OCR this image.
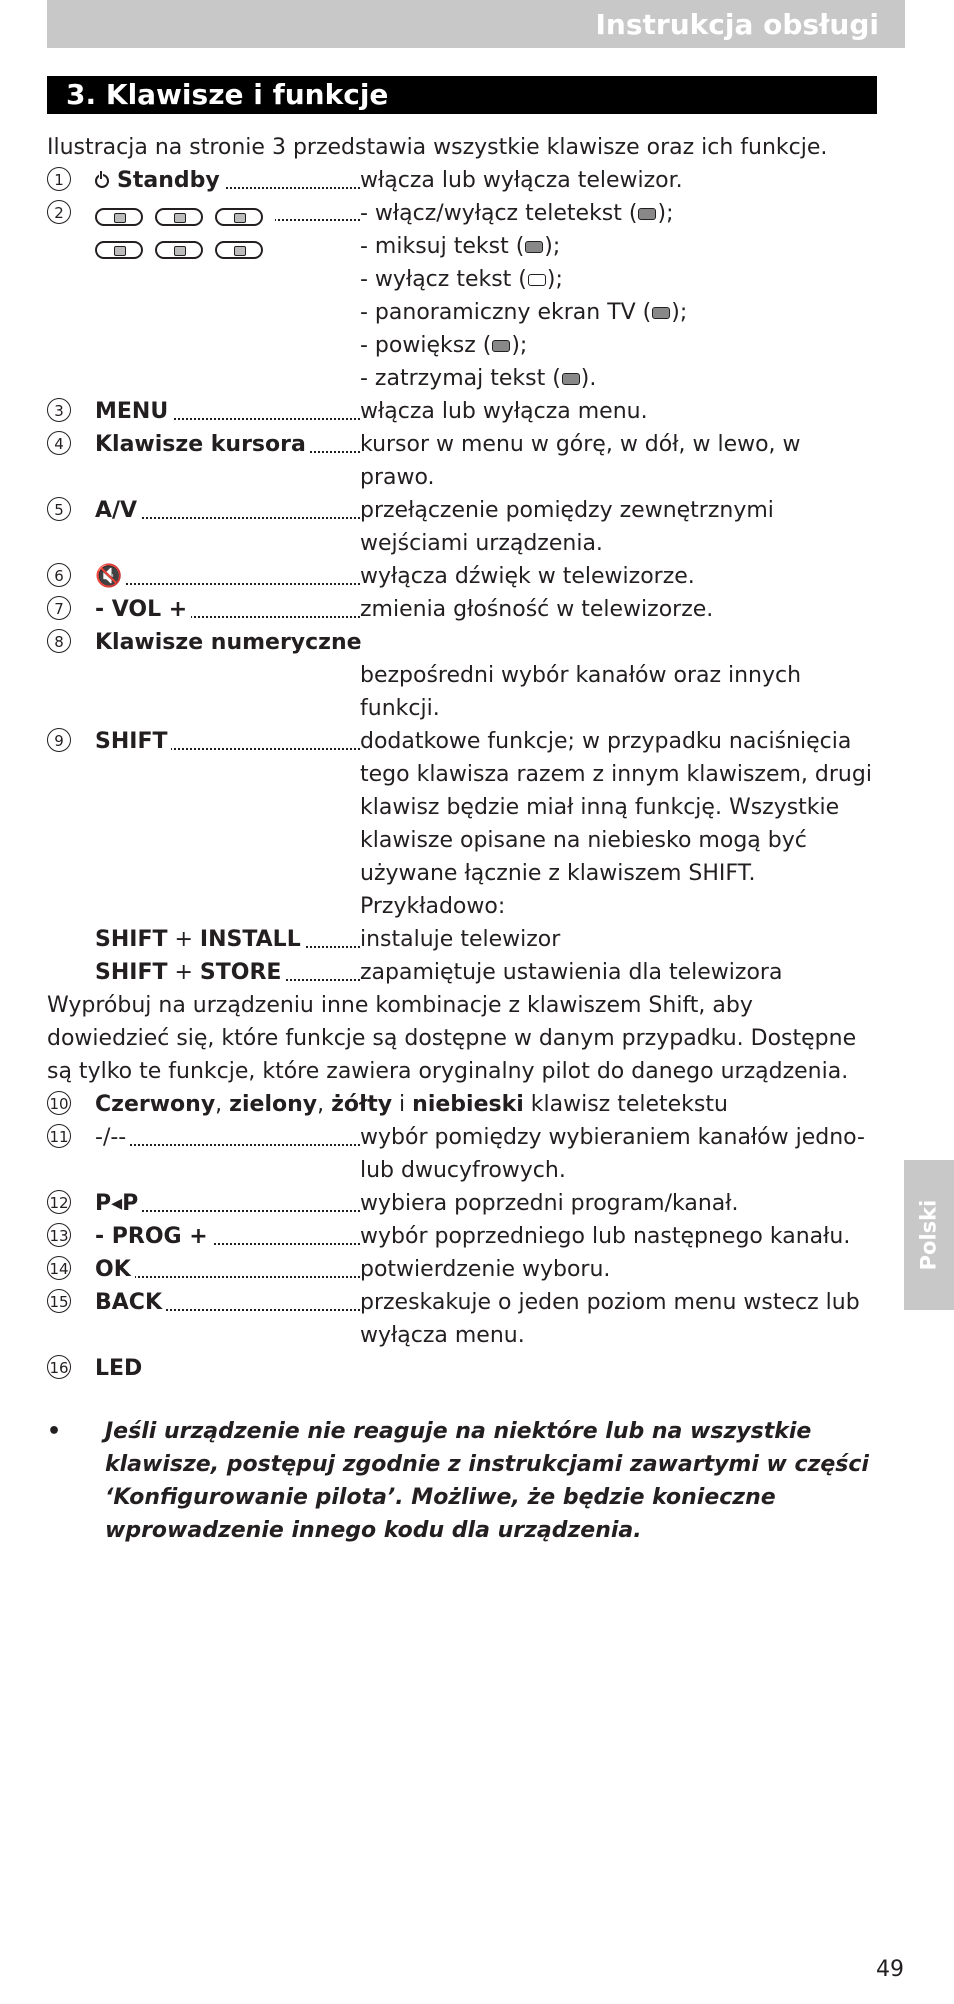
Instrukcja obsługi
3. Klawisze i funkcje
Polski

Ilustracja na stronie 3 przedstawia wszystkie klawisze oraz ich funkcje.

1	Standby	włącza lub wyłącza telewizor.
2	- włącz/wyłącz teletekst ( );
- miksuj tekst ( );
- wyłącz tekst ( );
- panoramiczny ekran TV ( );
- powiększ ( );
- zatrzymaj tekst ( ).
3	MENU	włącza lub wyłącza menu.
4	Klawisze kursora	kursor w menu w górę, w dół, w lewo, w prawo.
5	A/V	przełączenie pomiędzy zewnętrznymi wejściami urządzenia.
6	🔇	wyłącza dźwięk w telewizorze.
7	- VOL +	zmienia głośność w telewizorze.
8	Klawisze numeryczne
bezpośredni wybór kanałów oraz innych funkcji.
9	SHIFT	dodatkowe funkcje; w przypadku naciśnięcia tego klawisza razem z innym klawiszem, drugi klawisz będzie miał inną funkcję. Wszystkie klawisze opisane na niebiesko mogą być używane łącznie z klawiszem SHIFT. Przykładowo:
SHIFT + INSTALL	instaluje telewizor
SHIFT + STORE	zapamiętuje ustawienia dla telewizora

Wypróbuj na urządzeniu inne kombinacje z klawiszem Shift, aby dowiedzieć się, które funkcje są dostępne w danym przypadku. Dostępne są tylko te funkcje, które zawiera oryginalny pilot do danego urządzenia.

10 Czerwony, zielony, żółty i niebieski klawisz teletekstu
11 -/--	wybór pomiędzy wybieraniem kanałów jedno- lub dwucyfrowych.
12 P◂P	wybiera poprzedni program/kanał.
13 - PROG +	wybór poprzedniego lub następnego kanału.
14 OK	potwierdzenie wyboru.
15 BACK	przeskakuje o jeden poziom menu wstecz lub wyłącza menu.
16 LED
•	Jeśli urządzenie nie reaguje na niektóre lub na wszystkie klawisze, postępuj zgodnie z instrukcjami zawartymi w części ‘Konfigurowanie pilota’. Możliwe, że będzie konieczne wprowadzenie innego kodu dla urządzenia.
49
